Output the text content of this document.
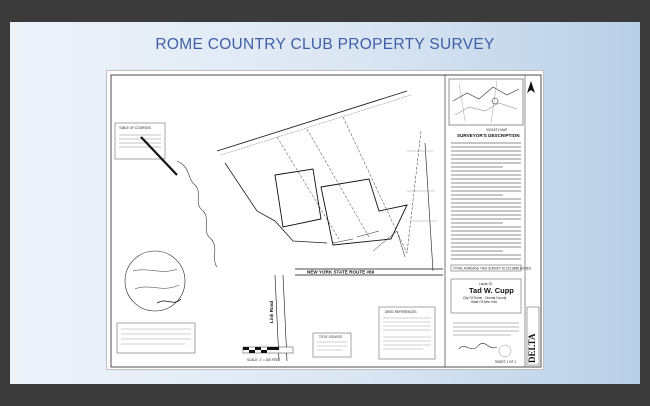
ROME COUNTRY CLUB PROPERTY SURVEY
VICINITY MAP
SURVEYOR'S DESCRIPTION
TOTAL ACREAGE THIS SURVEY IS 151.8896 ACRES
Lands Of
Tad W. Cupp
City Of Rome - Oneida County
State Of New York
SHEET 1 OF 1 DELTA
NEW YORK STATE ROUTE #69
Link Road
TABLE OF COURSES
SCALE: 1" = 200 FEET
TITLE SOURCE
DEED REFERENCES
